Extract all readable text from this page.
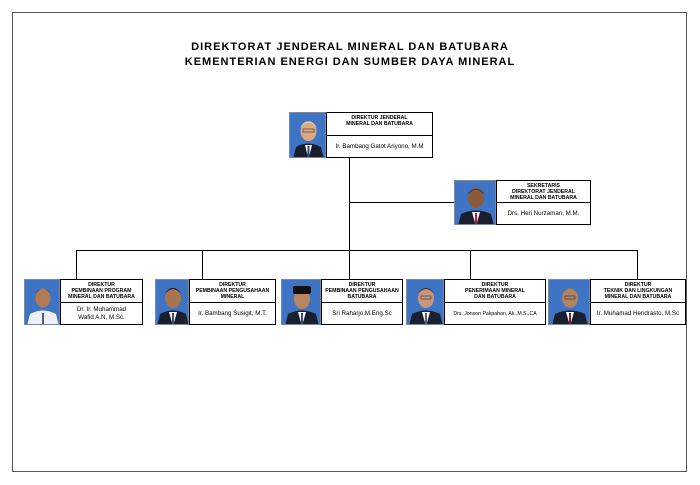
DIREKTORAT JENDERAL MINERAL DAN BATUBARA
KEMENTERIAN ENERGI DAN SUMBER DAYA MINERAL
DIREKTUR JENDERAL
MINERAL DAN BATUBARA
Ir. Bambang Gatot Ariyono, M.M
SEKRETARIS
DIREKTORAT JENDERAL
MINERAL DAN BATUBARA
Drs. Heri Nurzaman, M.M.
DIREKTUR
PEMBINAAN PROGRAM
MINERAL DAN BATUBARA
Dr. Ir. Muhammad
Wafid A.N, M.Sc.
DIREKTUR
PEMBINAAN PENGUSAHAAN
MINERAL
Ir. Bambang Susigit, M.T.
DIREKTUR
PEMBINAAN PENGUSAHAAN
BATUBARA
Sri Raharjo,M.Eng.Sc
DIREKTUR
PENERIMAAN MINERAL
DAN BATUBARA
Drs. Jonson Pakpahan, Ak.,M.S.,CA
DIREKTUR
TEKNIK DAN LINGKUNGAN
MINERAL DAN BATUBARA
Ir. Muhamad Hendrasto, M.Sc
